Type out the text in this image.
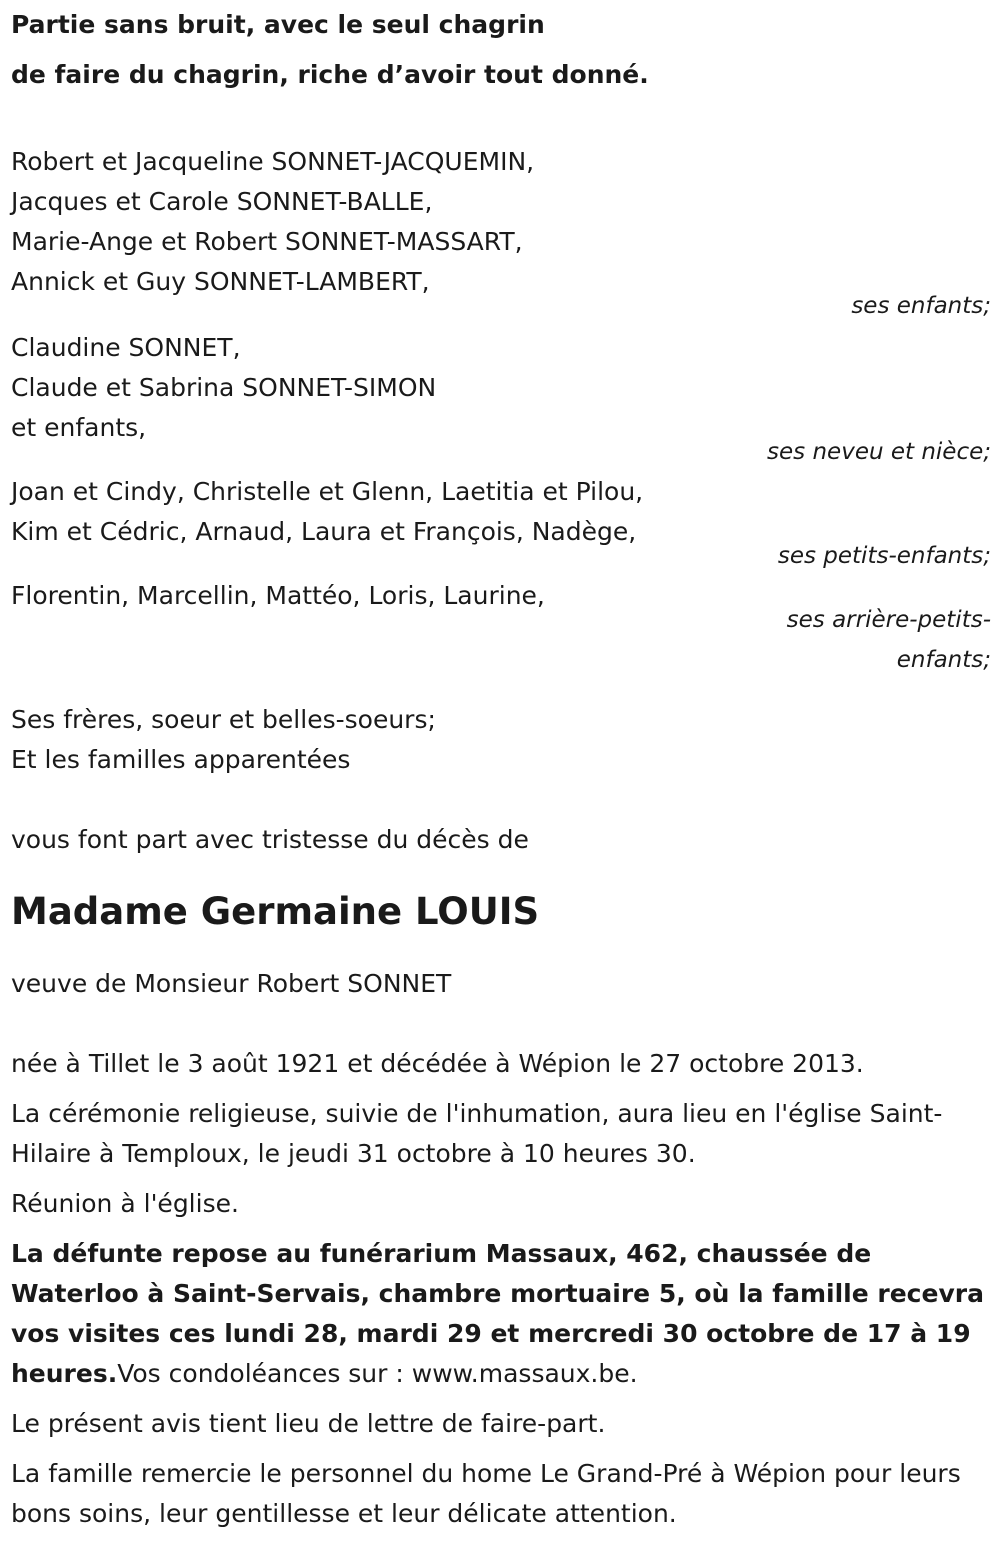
Partie sans bruit, avec le seul chagrin
de faire du chagrin, riche d’avoir tout donné.
Robert et Jacqueline SONNET-JACQUEMIN,
Jacques et Carole SONNET-BALLE,
Marie-Ange et Robert SONNET-MASSART,
Annick et Guy SONNET-LAMBERT,
ses enfants;
Claudine SONNET,
Claude et Sabrina SONNET-SIMON
et enfants,
ses neveu et nièce;
Joan et Cindy, Christelle et Glenn, Laetitia et Pilou,
Kim et Cédric, Arnaud, Laura et François, Nadège,
ses petits-enfants;
Florentin, Marcellin, Mattéo, Loris, Laurine,
ses arrière-petits-
enfants;
Ses frères, soeur et belles-soeurs;
Et les familles apparentées
vous font part avec tristesse du décès de
Madame Germaine LOUIS
veuve de Monsieur Robert SONNET
née à Tillet le 3 août 1921 et décédée à Wépion le 27 octobre 2013.
La cérémonie religieuse, suivie de l'inhumation, aura lieu en l'église Saint-Hilaire à Temploux, le jeudi 31 octobre à 10 heures 30.
Réunion à l'église.
La défunte repose au funérarium Massaux, 462, chaussée de Waterloo à Saint-Servais, chambre mortuaire 5, où la famille recevra vos visites ces lundi 28, mardi 29 et mercredi 30 octobre de 17 à 19 heures.Vos condoléances sur : www.massaux.be.
Le présent avis tient lieu de lettre de faire-part.
La famille remercie le personnel du home Le Grand-Pré à Wépion pour leurs bons soins, leur gentillesse et leur délicate attention.
